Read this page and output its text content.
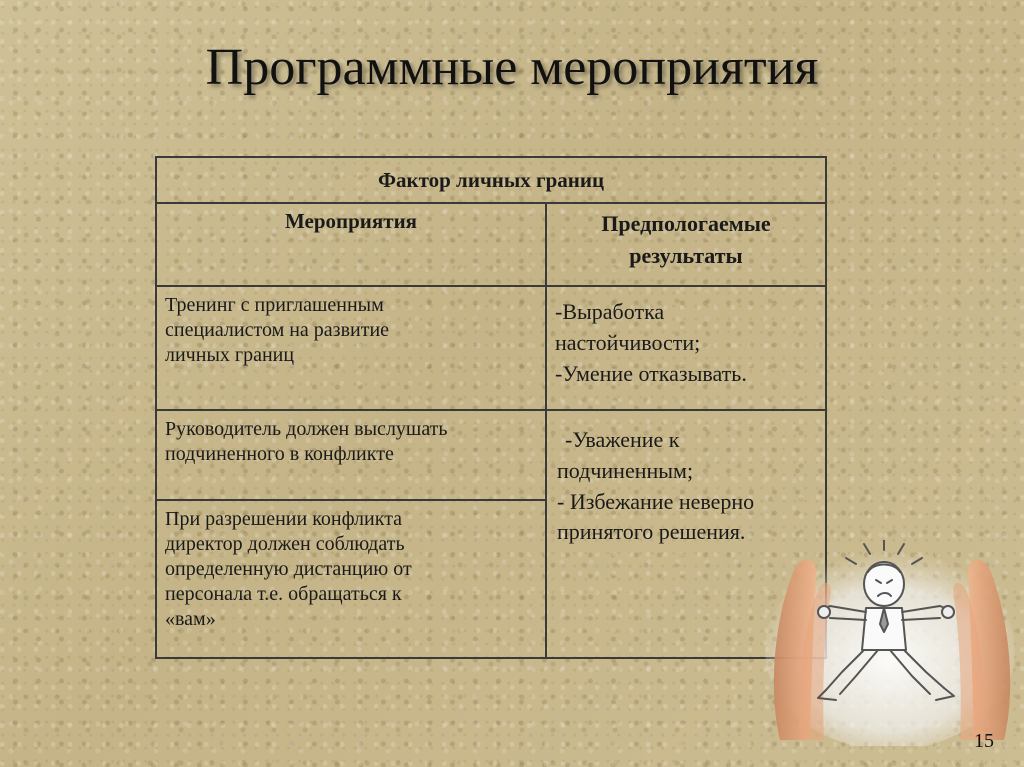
Программные мероприятия
Фактор личных границ	
Мероприятия	Предпологаемые
результаты

Тренинг с приглашенным
специалистом на развитие
личных границ	-Выработка
настойчивости;
-Умение отказывать.

Руководитель должен выслушать
подчиненного в конфликте	-Уважение к
подчиненным;
- Избежание неверно
принятого решения.

При разрешении конфликта
директор должен соблюдать
определенную дистанцию от
персонала т.е. обращаться к
«вам»	
15
